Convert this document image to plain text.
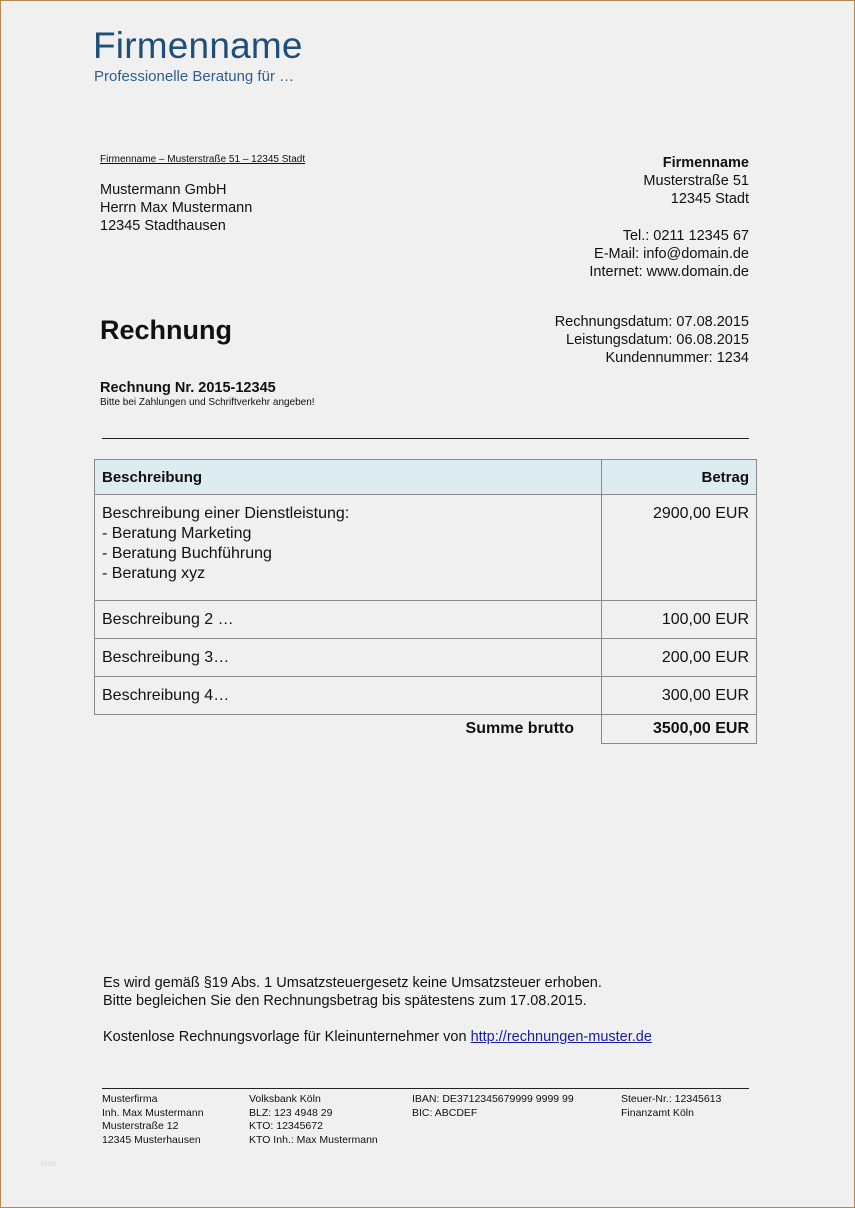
Firmenname
Professionelle Beratung für …
Firmenname – Musterstraße 51 – 12345 Stadt
Mustermann GmbH
Herrn Max Mustermann
12345 Stadthausen
Firmenname
Musterstraße 51
12345 Stadt
Tel.: 0211 12345 67
E-Mail: info@domain.de
Internet: www.domain.de
Rechnung	Rechnungsdatum: 07.08.2015
Leistungsdatum: 06.08.2015
Kundennummer: 1234
Rechnung Nr. 2015-12345
Bitte bei Zahlungen und Schriftverkehr angeben!
Beschreibung	Betrag

Beschreibung einer Dienstleistung:
- Beratung Marketing
- Beratung Buchführung
- Beratung xyz	2900,00 EUR
Beschreibung 2 …	100,00 EUR
Beschreibung 3…	200,00 EUR
Beschreibung 4…	300,00 EUR
Summe brutto	3500,00 EUR
Es wird gemäß §19 Abs. 1 Umsatzsteuergesetz keine Umsatzsteuer erhoben.
Bitte begleichen Sie den Rechnungsbetrag bis spätestens zum 17.08.2015.
Kostenlose Rechnungsvorlage für Kleinunternehmer von http://rechnungen-muster.de
Musterfirma
Inh. Max Mustermann
Musterstraße 12
12345 Musterhausen
Volksbank Köln
BLZ: 123 4948 29
KTO: 12345672
KTO Inh.: Max Mustermann
IBAN: DE3712345679999 9999 99
BIC: ABCDEF
Steuer-Nr.: 12345613
Finanzamt Köln
hms
